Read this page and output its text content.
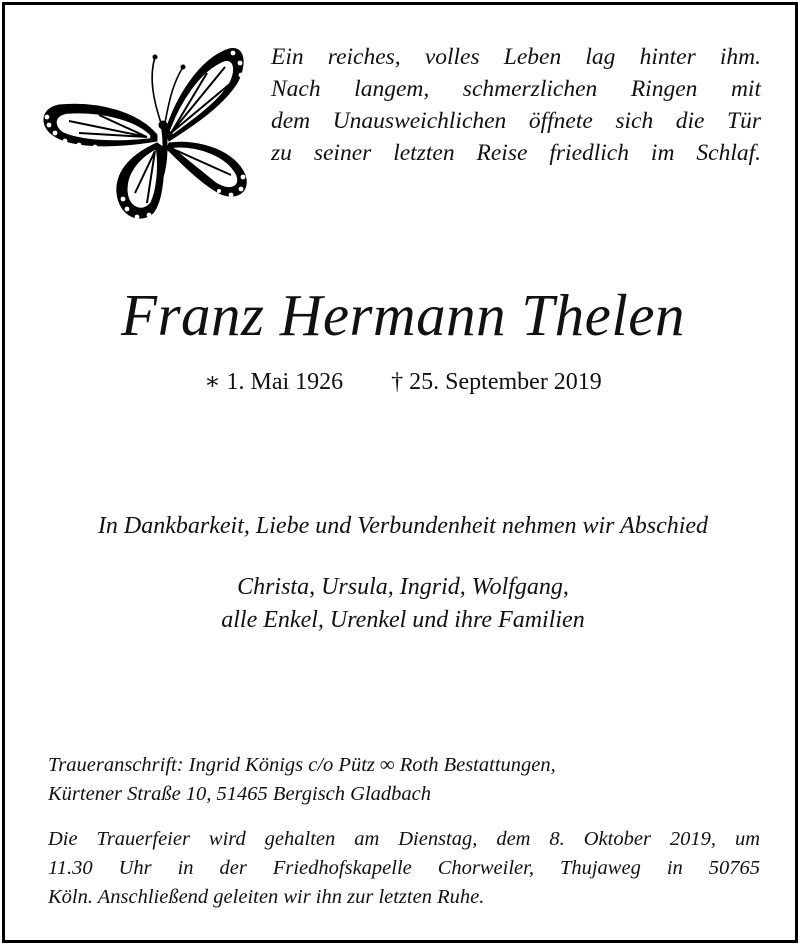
Ein reiches, volles Leben lag hinter ihm.
Nach langem, schmerzlichen Ringen mit
dem Unausweichlichen öffnete sich die Tür
zu seiner letzten Reise friedlich im Schlaf.
Franz Hermann Thelen
∗ 1. Mai 1926 † 25. September 2019
In Dankbarkeit, Liebe und Verbundenheit nehmen wir Abschied
Christa, Ursula, Ingrid, Wolfgang,
alle Enkel, Urenkel und ihre Familien
Traueranschrift: Ingrid Königs c/o Pütz ∞ Roth Bestattungen,
Kürtener Straße 10, 51465 Bergisch Gladbach
Die Trauerfeier wird gehalten am Dienstag, dem 8. Oktober 2019, um
11.30 Uhr in der Friedhofskapelle Chorweiler, Thujaweg in 50765
Köln. Anschließend geleiten wir ihn zur letzten Ruhe.
